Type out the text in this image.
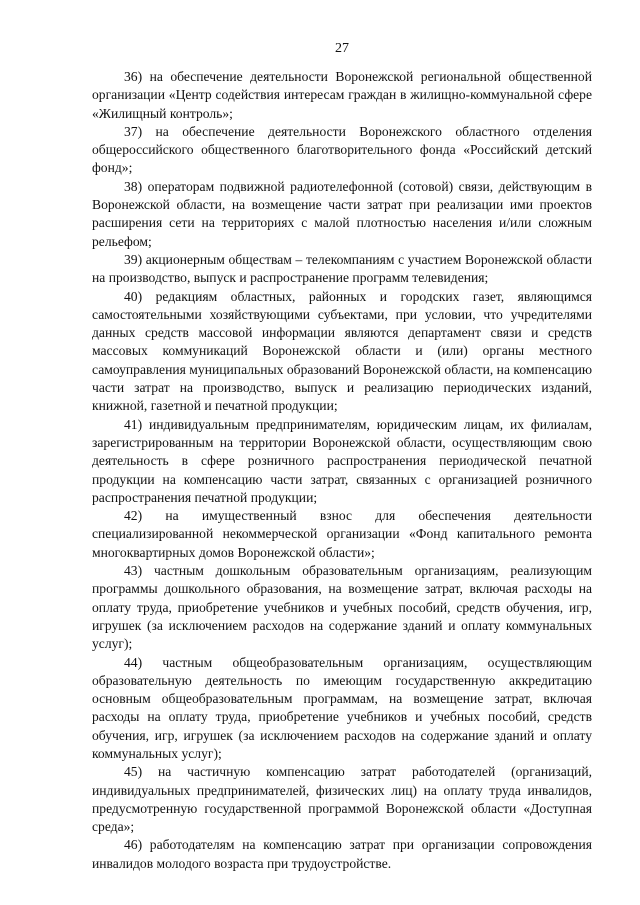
27

36) на обеспечение деятельности Воронежской региональной общественной организации «Центр содействия интересам граждан в жилищно-коммунальной сфере «Жилищный контроль»;

37) на обеспечение деятельности Воронежского областного отделения общероссийского общественного благотворительного фонда «Российский детский фонд»;

38) операторам подвижной радиотелефонной (сотовой) связи, действующим в Воронежской области, на возмещение части затрат при реализации ими проектов расширения сети на территориях с малой плотностью населения и/или сложным рельефом;

39) акционерным обществам – телекомпаниям с участием Воронежской области на производство, выпуск и распространение программ телевидения;

40) редакциям областных, районных и городских газет, являющимся самостоятельными хозяйствующими субъектами, при условии, что учредителями данных средств массовой информации являются департамент связи и средств массовых коммуникаций Воронежской области и (или) органы местного самоуправления муниципальных образований Воронежской области, на компенсацию части затрат на производство, выпуск и реализацию периодических изданий, книжной, газетной и печатной продукции;

41) индивидуальным предпринимателям, юридическим лицам, их филиалам, зарегистрированным на территории Воронежской области, осуществляющим свою деятельность в сфере розничного распространения периодической печатной продукции на компенсацию части затрат, связанных с организацией розничного распространения печатной продукции;

42) на имущественный взнос для обеспечения деятельности специализированной некоммерческой организации «Фонд капитального ремонта многоквартирных домов Воронежской области»;

43) частным дошкольным образовательным организациям, реализующим программы дошкольного образования, на возмещение затрат, включая расходы на оплату труда, приобретение учебников и учебных пособий, средств обучения, игр, игрушек (за исключением расходов на содержание зданий и оплату коммунальных услуг);

44) частным общеобразовательным организациям, осуществляющим образовательную деятельность по имеющим государственную аккредитацию основным общеобразовательным программам, на возмещение затрат, включая расходы на оплату труда, приобретение учебников и учебных пособий, средств обучения, игр, игрушек (за исключением расходов на содержание зданий и оплату коммунальных услуг);

45) на частичную компенсацию затрат работодателей (организаций, индивидуальных предпринимателей, физических лиц) на оплату труда инвалидов, предусмотренную государственной программой Воронежской области «Доступная среда»;

46) работодателям на компенсацию затрат при организации сопровождения инвалидов молодого возраста при трудоустройстве.
